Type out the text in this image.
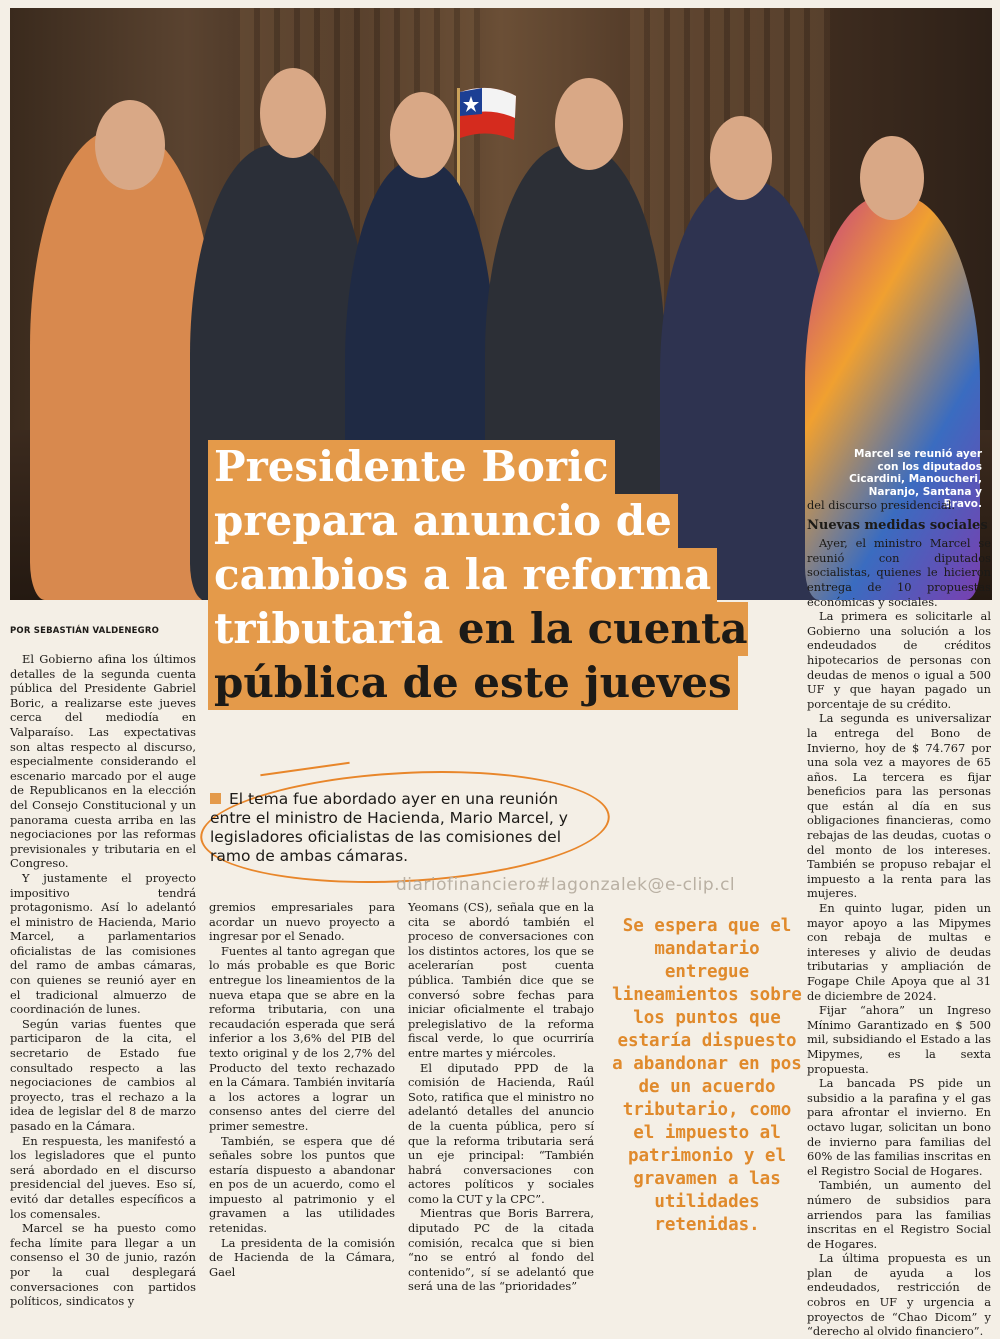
Marcel se reunió ayer con los diputados Cicardini, Manoucheri, Naranjo, Santana y Bravo.
Presidente Boric
prepara anuncio de
cambios a la reforma
tributaria en la cuenta
pública de este jueves
POR SEBASTIÁN VALDENEGRO

El Gobierno afina los últimos detalles de la segunda cuenta pública del Presidente Gabriel Boric, a realizarse este jueves cerca del mediodía en Valparaíso. Las expectativas son altas respecto al discurso, especialmente considerando el escenario marcado por el auge de Republicanos en la elección del Consejo Constitucional y un panorama cuesta arriba en las negociaciones por las reformas previsionales y tributaria en el Congreso.

Y justamente el proyecto impositivo tendrá protagonismo. Así lo adelantó el ministro de Hacienda, Mario Marcel, a parlamentarios oficialistas de las comisiones del ramo de ambas cámaras, con quienes se reunió ayer en el tradicional almuerzo de coordinación de lunes.

Según varias fuentes que participaron de la cita, el secretario de Estado fue consultado respecto a las negociaciones de cambios al proyecto, tras el rechazo a la idea de legislar del 8 de marzo pasado en la Cámara.

En respuesta, les manifestó a los legisladores que el punto será abordado en el discurso presidencial del jueves. Eso sí, evitó dar detalles específicos a los comensales.

Marcel se ha puesto como fecha límite para llegar a un consenso el 30 de junio, razón por la cual desplegará conversaciones con partidos políticos, sindicatos y

El tema fue abordado ayer en una reunión entre el ministro de Hacienda, Mario Marcel, y legisladores oficialistas de las comisiones del ramo de ambas cámaras.
diariofinanciero#lagonzalek@e-clip.cl

gremios empresariales para acordar un nuevo proyecto a ingresar por el Senado.

Fuentes al tanto agregan que lo más probable es que Boric entregue los lineamientos de la nueva etapa que se abre en la reforma tributaria, con una recaudación esperada que será inferior a los 3,6% del PIB del texto original y de los 2,7% del Producto del texto rechazado en la Cámara. También invitaría a los actores a lograr un consenso antes del cierre del primer semestre.

También, se espera que dé señales sobre los puntos que estaría dispuesto a abandonar en pos de un acuerdo, como el impuesto al patrimonio y el gravamen a las utilidades retenidas.

La presidenta de la comisión de Hacienda de la Cámara, Gael

Yeomans (CS), señala que en la cita se abordó también el proceso de conversaciones con los distintos actores, los que se acelerarían post cuenta pública. También dice que se conversó sobre fechas para iniciar oficialmente el trabajo prelegislativo de la reforma fiscal verde, lo que ocurriría entre martes y miércoles.

El diputado PPD de la comisión de Hacienda, Raúl Soto, ratifica que el ministro no adelantó detalles del anuncio de la cuenta pública, pero sí que la reforma tributaria será un eje principal: “También habrá conversaciones con actores políticos y sociales como la CUT y la CPC”.

Mientras que Boris Barrera, diputado PC de la citada comisión, recalca que si bien “no se entró al fondo del contenido”, sí se adelantó que será una de las “prioridades”

Se espera que el mandatario entregue lineamientos sobre los puntos que estaría dispuesto a abandonar en pos de un acuerdo tributario, como el impuesto al patrimonio y el gravamen a las utilidades retenidas.

del discurso presidencial.

Nuevas medidas sociales

Ayer, el ministro Marcel se reunió con diputados socialistas, quienes le hicieron entrega de 10 propuestas económicas y sociales.

La primera es solicitarle al Gobierno una solución a los endeudados de créditos hipotecarios de personas con deudas de menos o igual a 500 UF y que hayan pagado un porcentaje de su crédito.

La segunda es universalizar la entrega del Bono de Invierno, hoy de $ 74.767 por una sola vez a mayores de 65 años. La tercera es fijar beneficios para las personas que están al día en sus obligaciones financieras, como rebajas de las deudas, cuotas o del monto de los intereses. También se propuso rebajar el impuesto a la renta para las mujeres.

En quinto lugar, piden un mayor apoyo a las Mipymes con rebaja de multas e intereses y alivio de deudas tributarias y ampliación de Fogape Chile Apoya que al 31 de diciembre de 2024.

Fijar “ahora” un Ingreso Mínimo Garantizado en $ 500 mil, subsidiando el Estado a las Mipymes, es la sexta propuesta.

La bancada PS pide un subsidio a la parafina y el gas para afrontar el invierno. En octavo lugar, solicitan un bono de invierno para familias del 60% de las familias inscritas en el Registro Social de Hogares.

También, un aumento del número de subsidios para arriendos para las familias inscritas en el Registro Social de Hogares.

La última propuesta es un plan de ayuda a los endeudados, restricción de cobros en UF y urgencia a proyectos de “Chao Dicom” y “derecho al olvido financiero”.
